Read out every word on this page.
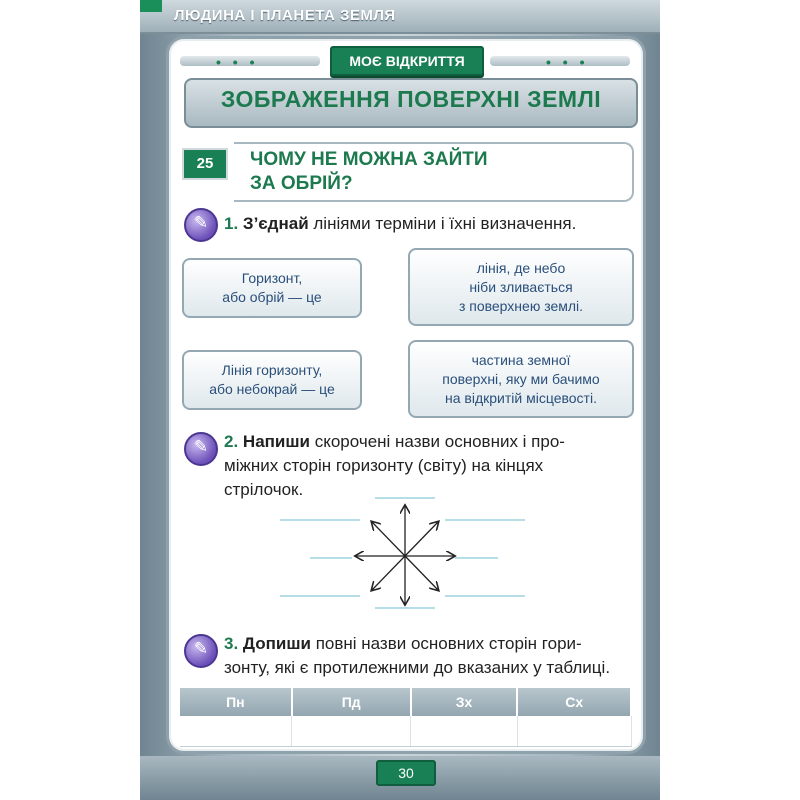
ЛЮДИНА І ПЛАНЕТА ЗЕМЛЯ
• • •	• • •
МОЄ ВІДКРИТТЯ
ЗОБРАЖЕННЯ ПОВЕРХНІ ЗЕМЛІ
25	ЧОМУ НЕ МОЖНА ЗАЙТИ
ЗА ОБРІЙ?
✎ 1. З’єднай лініями терміни і їхні визначення.
Горизонт,
або обрій — це
лінія, де небо
ніби зливається
з поверхнею землі.
Лінія горизонту,
або небокрай — це
частина земної
поверхні, яку ми бачимо
на відкритій місцевості.
✎ 2. Напиши скорочені назви основних і про-
міжних сторін горизонту (світу) на кінцях
стрілочок.
✎ 3. Допиши повні назви основних сторін гори-
зонту, які є протилежними до вказаних у таблиці.
Пн	Пд	Зх	Сх

30
